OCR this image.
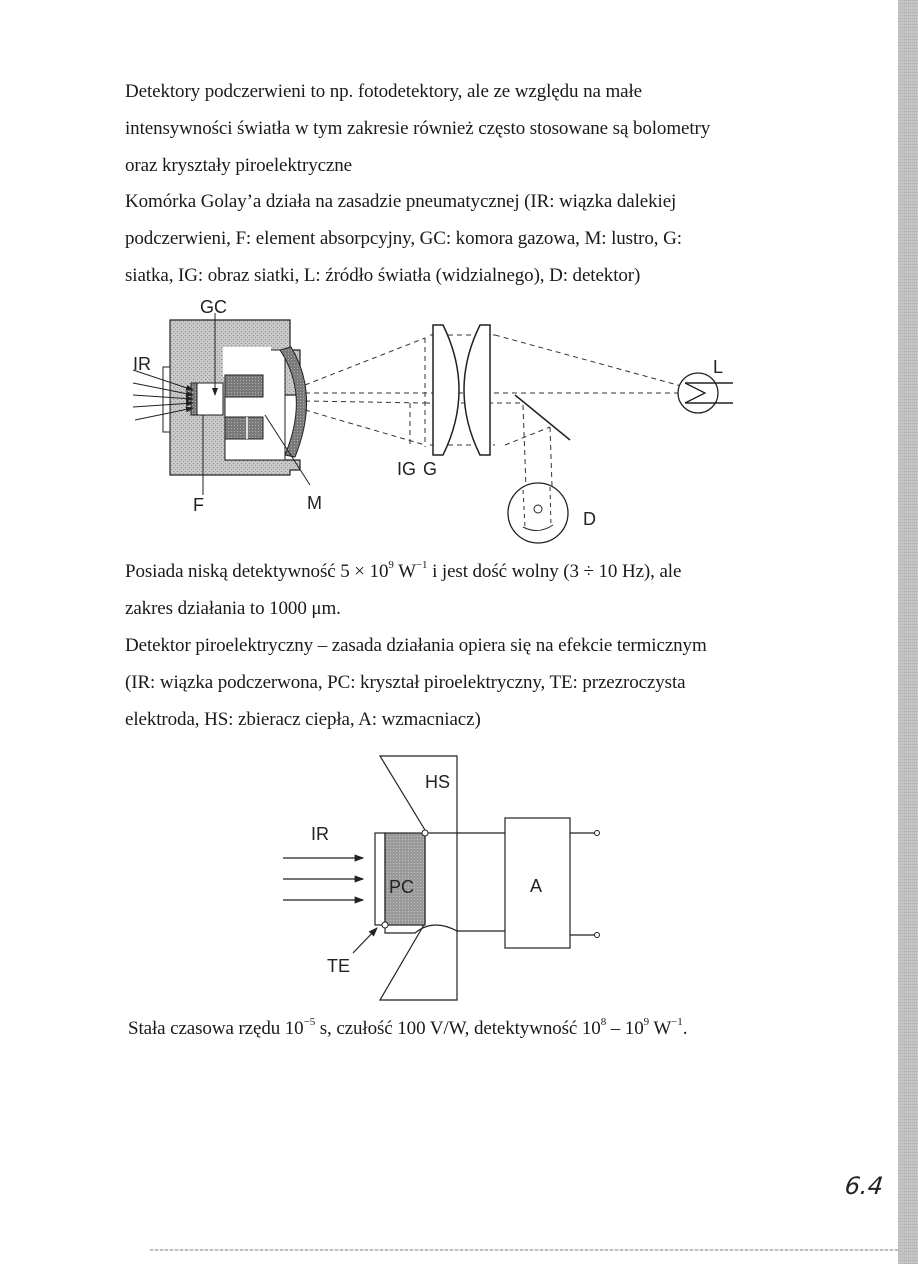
Detektory podczerwieni to np. fotodetektory, ale ze względu na małe
intensywności światła w tym zakresie również często stosowane są bolometry
oraz kryształy piroelektryczne
Komórka Golay’a działa na zasadzie pneumatycznej (IR: wiązka dalekiej
podczerwieni, F: element absorpcyjny, GC: komora gazowa, M: lustro, G:
siatka, IG: obraz siatki, L: źródło światła (widzialnego), D: detektor)
GC
IR
F	M
IG G
L
D
Posiada niską detektywność $5 \times 10^9$ $W^{-1}$ i jest dość wolny (3 ÷ 10 Hz), ale
zakres działania to 1000 μm.
Detektor piroelektryczny – zasada działania opiera się na efekcie termicznym
(IR: wiązka podczerwona, PC: kryształ piroelektryczny, TE: przezroczysta
elektroda, HS: zbieracz ciepła, A: wzmacniacz)
HS
IR
PC	A
TE
Stała czasowa rzędu $10^{-5}$ s, czułość 100 V/W, detektywność $10^8 - 10^9$ $W^{-1}$.
6.4
